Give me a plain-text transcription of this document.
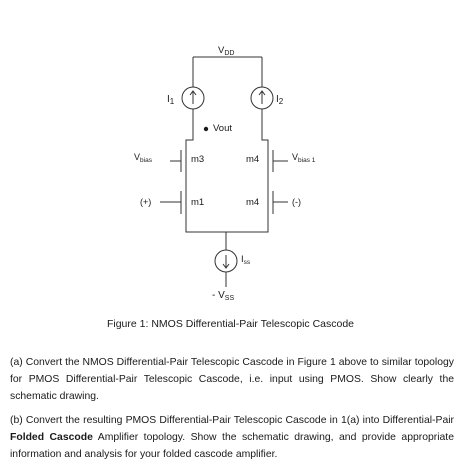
$V_{DD}$
$I_1$	$I_2$
Vout
$V_{bias}$	m3	m4	$V_{bias 1}$
(+)	m1	m4	(-)
$I_{ss}$
- $V_{SS}$
Figure 1: NMOS Differential-Pair Telescopic Cascode
(a) Convert the NMOS Differential-Pair Telescopic Cascode in Figure 1 above to similar topology for PMOS Differential-Pair Telescopic Cascode, i.e. input using PMOS. Show clearly the schematic drawing.
(b) Convert the resulting PMOS Differential-Pair Telescopic Cascode in 1(a) into Differential-Pair Folded Cascode Amplifier topology. Show the schematic drawing, and provide appropriate information and analysis for your folded cascode amplifier.
